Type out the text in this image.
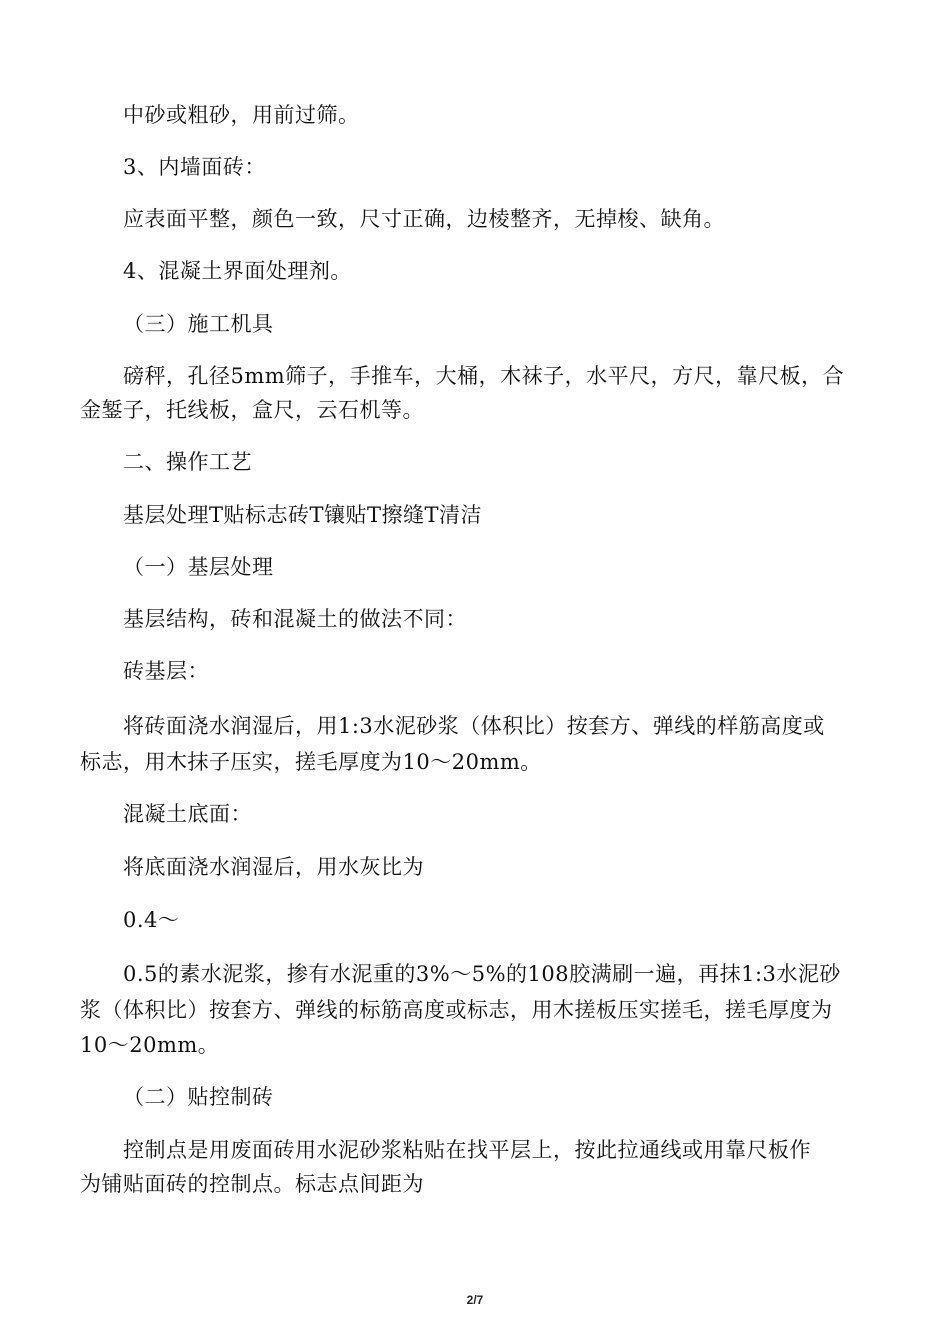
中砂或粗砂，用前过筛。
3、内墙面砖：
应表面平整，颜色一致，尺寸正确，边棱整齐，无掉梭、缺角。
4、混凝土界面处理剂。
（三）施工机具
磅秤，孔径5mm筛子，手推车，大桶，木袜子，水平尺，方尺，靠尺板，合
金錾子，托线板，盒尺，云石机等。
二、操作工艺
基层处理T贴标志砖T镶贴T擦缝T清洁
（一）基层处理
基层结构，砖和混凝土的做法不同：
砖基层：
将砖面浇水润湿后，用1:3水泥砂浆（体积比）按套方、弹线的样筋高度或
标志，用木抹子压实，搓毛厚度为10〜20mm。
混凝土底面：
将底面浇水润湿后，用水灰比为
0.4〜
0.5的素水泥浆，掺有水泥重的3%〜5%的108胶满刷一遍，再抹1:3水泥砂
浆（体积比）按套方、弹线的标筋高度或标志，用木搓板压实搓毛，搓毛厚度为
10〜20mm。
（二）贴控制砖
控制点是用废面砖用水泥砂浆粘贴在找平层上，按此拉通线或用靠尺板作
为铺贴面砖的控制点。标志点间距为
2/7
